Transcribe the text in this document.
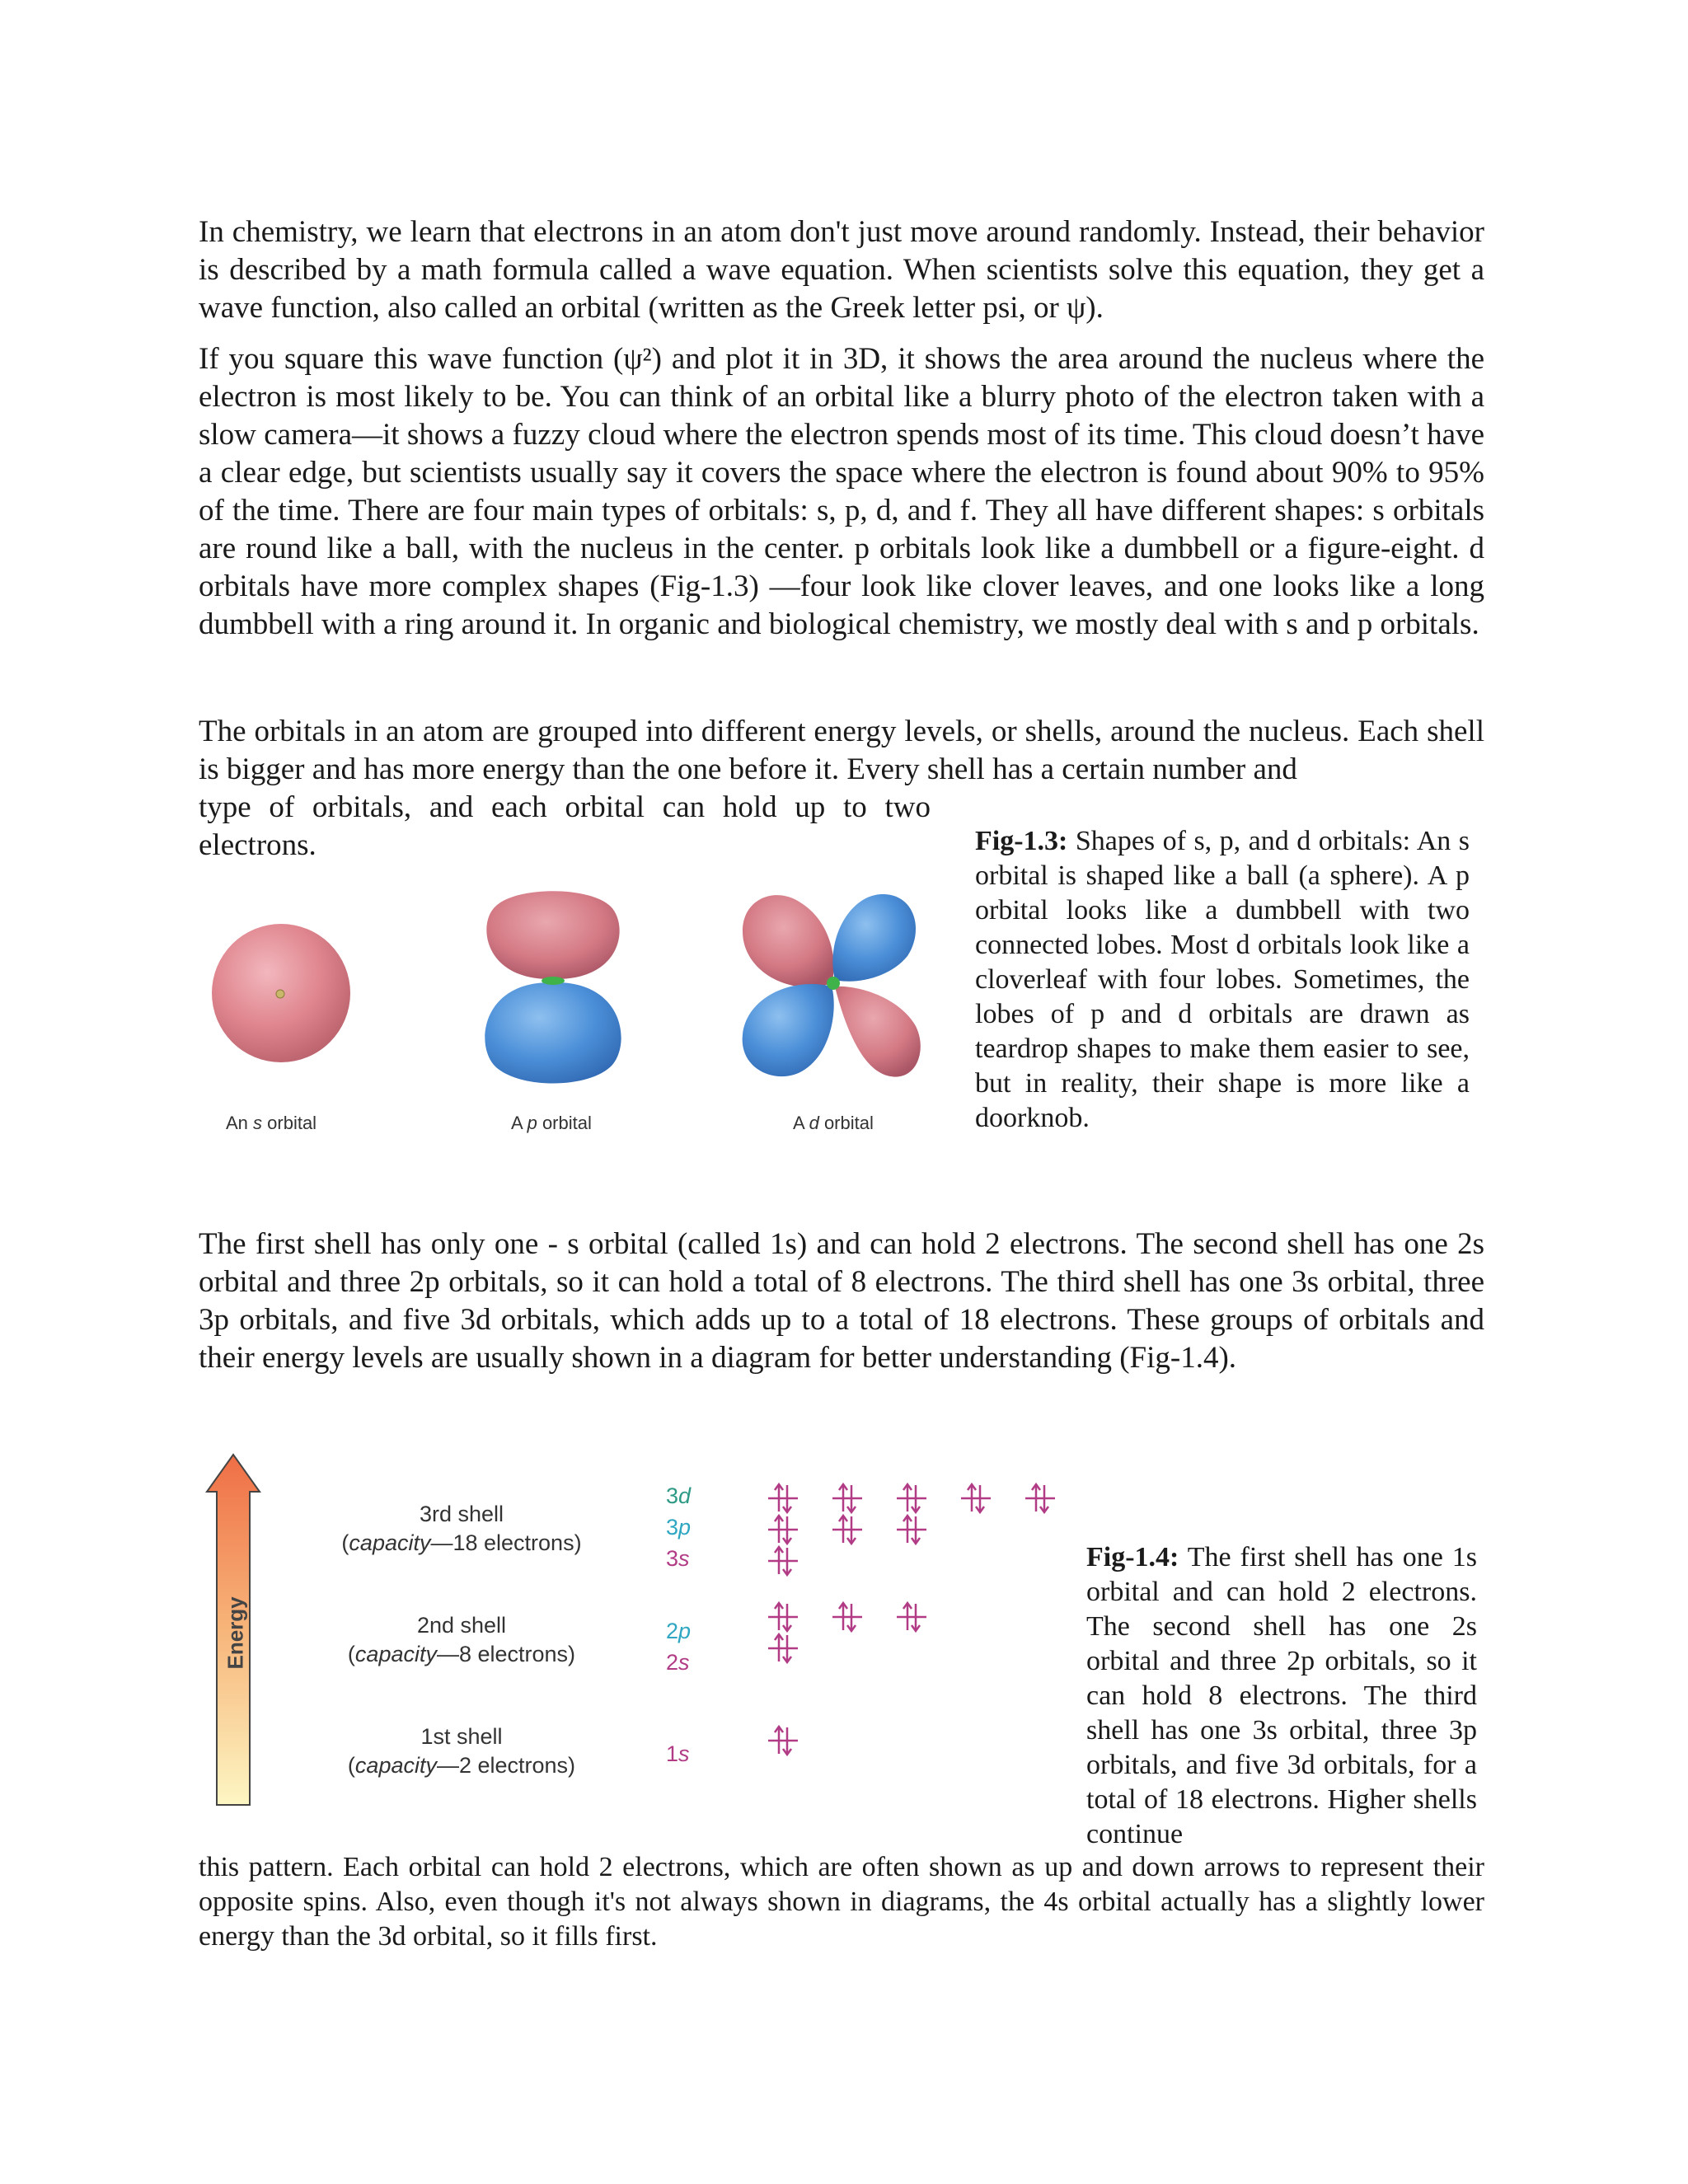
In chemistry, we learn that electrons in an atom don't just move around randomly. Instead, their behavior is described by a math formula called a wave equation. When scientists solve this equation, they get a wave function, also called an orbital (written as the Greek letter psi, or ψ).

If you square this wave function (ψ²) and plot it in 3D, it shows the area around the nucleus where the electron is most likely to be. You can think of an orbital like a blurry photo of the electron taken with a slow camera—it shows a fuzzy cloud where the electron spends most of its time. This cloud doesn’t have a clear edge, but scientists usually say it covers the space where the electron is found about 90% to 95% of the time. There are four main types of orbitals: s, p, d, and f. They all have different shapes: s orbitals are round like a ball, with the nucleus in the center. p orbitals look like a dumbbell or a figure-eight. d orbitals have more complex shapes (Fig-1.3) —four look like clover leaves, and one looks like a long dumbbell with a ring around it. In organic and biological chemistry, we mostly deal with s and p orbitals.

The orbitals in an atom are grouped into different energy levels, or shells, around the nucleus. Each shell is bigger and has more energy than the one before it. Every shell has a certain number and

type of orbitals, and each orbital can hold up to two

electrons.

An s orbital	A p orbital	A d orbital

Fig-1.3: Shapes of s, p, and d orbitals: An s orbital is shaped like a ball (a sphere). A p orbital looks like a dumbbell with two connected lobes. Most d orbitals look like a cloverleaf with four lobes. Sometimes, the lobes of p and d orbitals are drawn as teardrop shapes to make them easier to see, but in reality, their shape is more like a doorknob.

The first shell has only one - s orbital (called 1s) and can hold 2 electrons. The second shell has one 2s orbital and three 2p orbitals, so it can hold a total of 8 electrons. The third shell has one 3s orbital, three 3p orbitals, and five 3d orbitals, which adds up to a total of 18 electrons. These groups of orbitals and their energy levels are usually shown in a diagram for better understanding (Fig-1.4).

Energy
3rd shell
(capacity—18 electrons)
2nd shell
(capacity—8 electrons)
1st shell
(capacity—2 electrons)
3d
3p
3s
2p
2s
1s

Fig-1.4: The first shell has one 1s orbital and can hold 2 electrons. The second shell has one 2s orbital and three 2p orbitals, so it can hold 8 electrons. The third shell has one 3s orbital, three 3p orbitals, and five 3d orbitals, for a total of 18 electrons. Higher shells continue

this pattern. Each orbital can hold 2 electrons, which are often shown as up and down arrows to represent their opposite spins. Also, even though it's not always shown in diagrams, the 4s orbital actually has a slightly lower energy than the 3d orbital, so it fills first.
